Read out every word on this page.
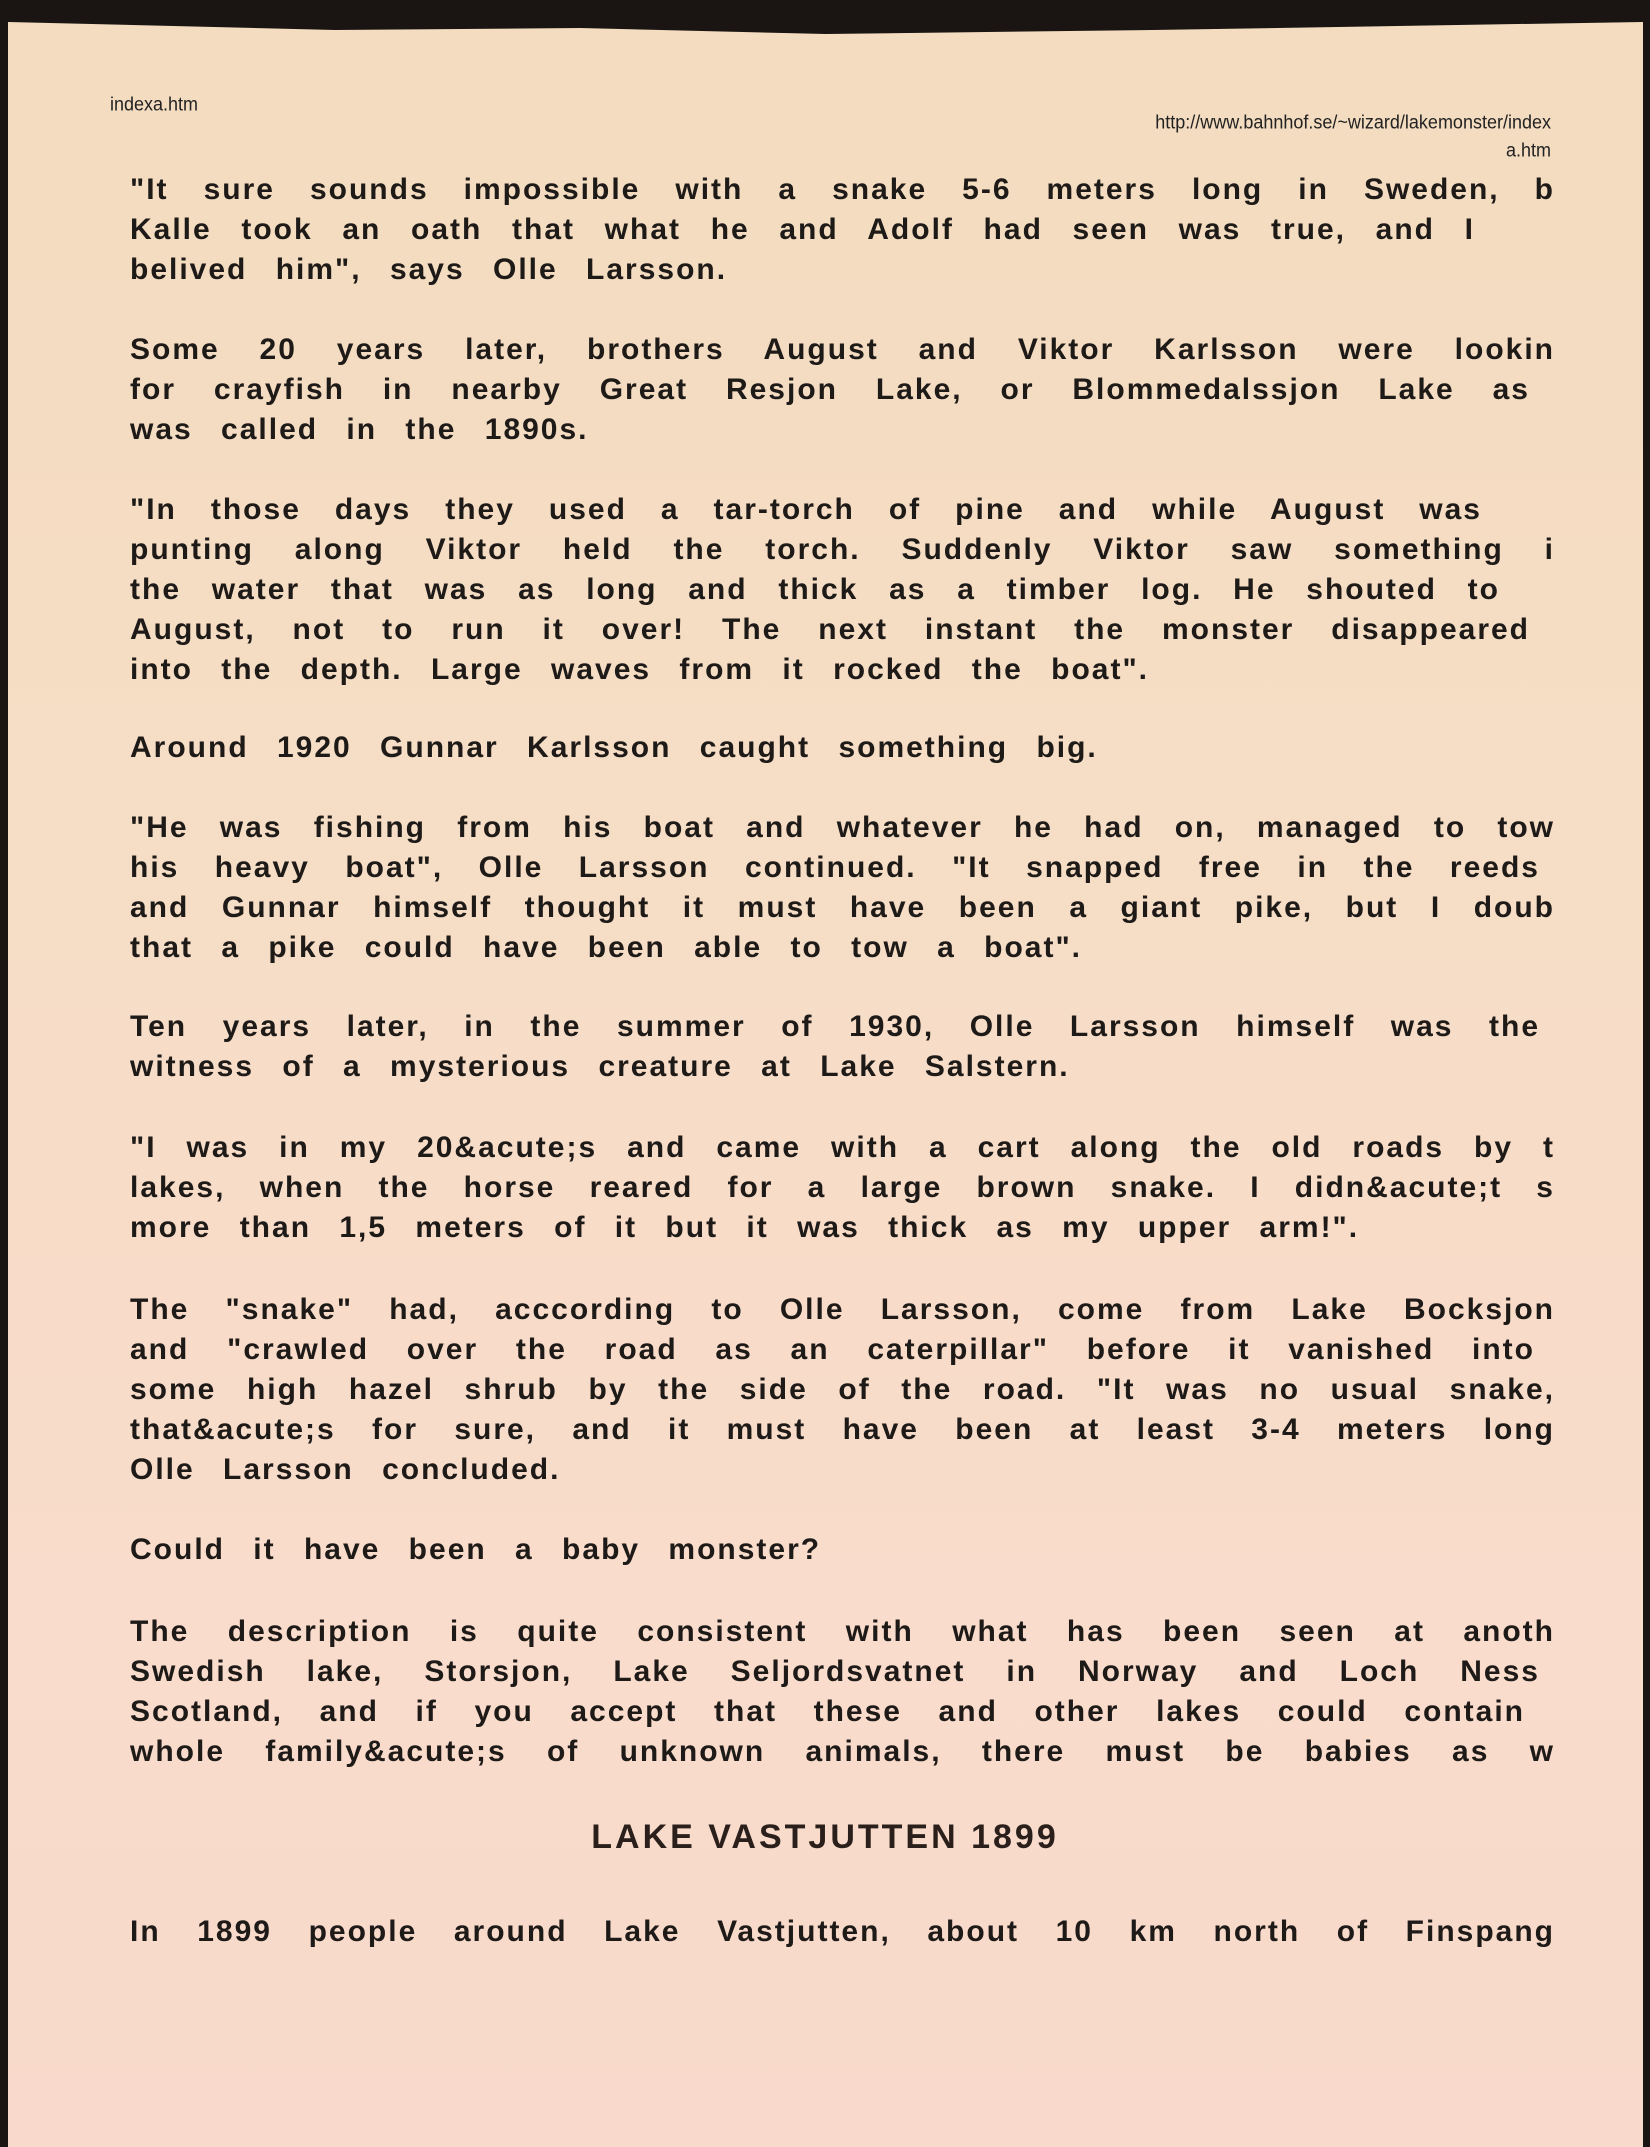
indexa.htm
http://www.bahnhof.se/~wizard/lakemonster/index
a.htm
"It sure sounds impossible with a snake 5-6 meters long in Sweden, b
Kalle took an oath that what he and Adolf had seen was true, and I
belived him", says Olle Larsson.
Some 20 years later, brothers August and Viktor Karlsson were lookin
for crayfish in nearby Great Resjon Lake, or Blommedalssjon Lake as
was called in the 1890s.
"In those days they used a tar-torch of pine and while August was
punting along Viktor held the torch. Suddenly Viktor saw something i
the water that was as long and thick as a timber log. He shouted to
August, not to run it over! The next instant the monster disappeared
into the depth. Large waves from it rocked the boat".
Around 1920 Gunnar Karlsson caught something big.
"He was fishing from his boat and whatever he had on, managed to tow
his heavy boat", Olle Larsson continued. "It snapped free in the reeds
and Gunnar himself thought it must have been a giant pike, but I doub
that a pike could have been able to tow a boat".
Ten years later, in the summer of 1930, Olle Larsson himself was the
witness of a mysterious creature at Lake Salstern.
"I was in my 20&acute;s and came with a cart along the old roads by t
lakes, when the horse reared for a large brown snake. I didn&acute;t s
more than 1,5 meters of it but it was thick as my upper arm!".
The "snake" had, acccording to Olle Larsson, come from Lake Bocksjon
and "crawled over the road as an caterpillar" before it vanished into
some high hazel shrub by the side of the road. "It was no usual snake,
that&acute;s for sure, and it must have been at least 3-4 meters long
Olle Larsson concluded.
Could it have been a baby monster?
The description is quite consistent with what has been seen at anoth
Swedish lake, Storsjon, Lake Seljordsvatnet in Norway and Loch Ness
Scotland, and if you accept that these and other lakes could contain
whole family&acute;s of unknown animals, there must be babies as w
LAKE VASTJUTTEN 1899
In 1899 people around Lake Vastjutten, about 10 km north of Finspang
